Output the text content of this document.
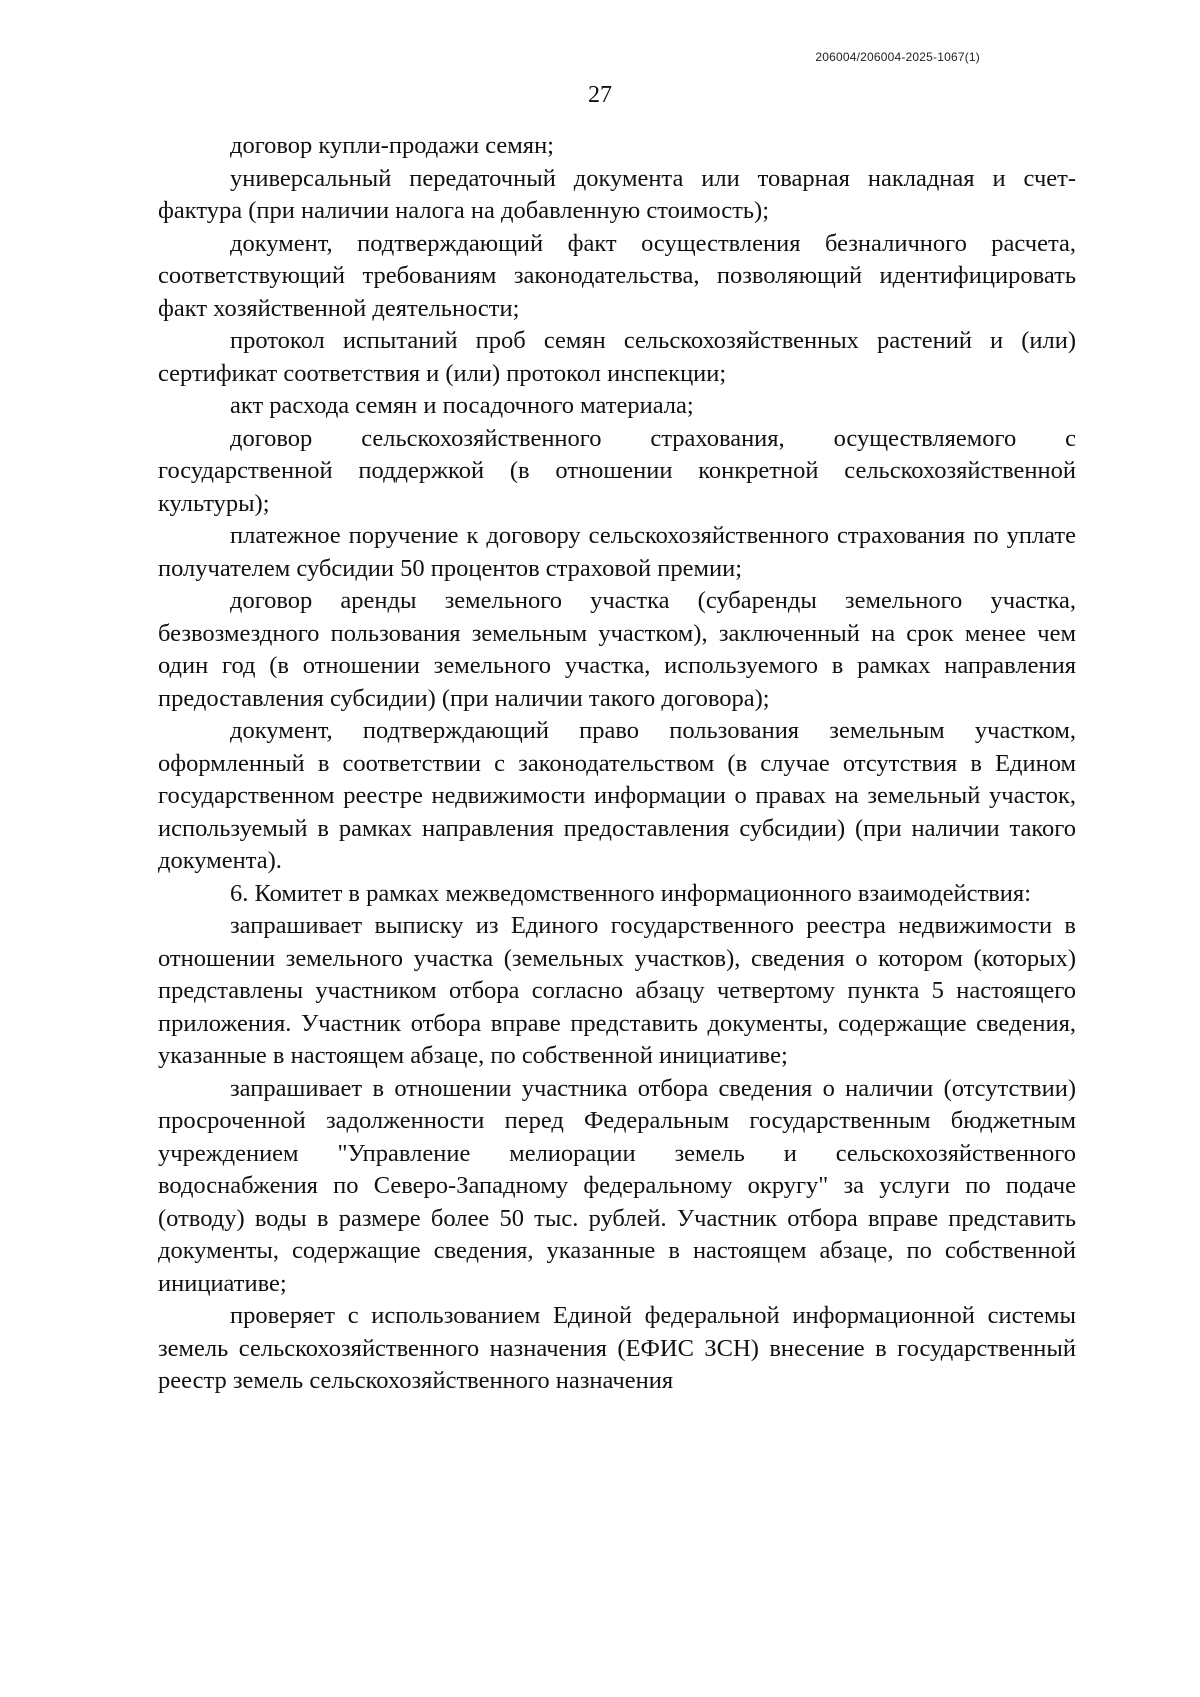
206004/206004-2025-1067(1)
27

договор купли-продажи семян;

универсальный передаточный документа или товарная накладная и счет-фактура (при наличии налога на добавленную стоимость);

документ, подтверждающий факт осуществления безналичного расчета, соответствующий требованиям законодательства, позволяющий идентифицировать факт хозяйственной деятельности;

протокол испытаний проб семян сельскохозяйственных растений и (или) сертификат соответствия и (или) протокол инспекции;

акт расхода семян и посадочного материала;

договор сельскохозяйственного страхования, осуществляемого с государственной поддержкой (в отношении конкретной сельскохозяйственной культуры);

платежное поручение к договору сельскохозяйственного страхования по уплате получателем субсидии 50 процентов страховой премии;

договор аренды земельного участка (субаренды земельного участка, безвозмездного пользования земельным участком), заключенный на срок менее чем один год (в отношении земельного участка, используемого в рамках направления предоставления субсидии) (при наличии такого договора);

документ, подтверждающий право пользования земельным участком, оформленный в соответствии с законодательством (в случае отсутствия в Едином государственном реестре недвижимости информации о правах на земельный участок, используемый в рамках направления предоставления субсидии) (при наличии такого документа).

6. Комитет в рамках межведомственного информационного взаимодействия:

запрашивает выписку из Единого государственного реестра недвижимости в отношении земельного участка (земельных участков), сведения о котором (которых) представлены участником отбора согласно абзацу четвертому пункта 5 настоящего приложения. Участник отбора вправе представить документы, содержащие сведения, указанные в настоящем абзаце, по собственной инициативе;

запрашивает в отношении участника отбора сведения о наличии (отсутствии) просроченной задолженности перед Федеральным государственным бюджетным учреждением "Управление мелиорации земель и сельскохозяйственного водоснабжения по Северо-Западному федеральному округу" за услуги по подаче (отводу) воды в размере более 50 тыс. рублей. Участник отбора вправе представить документы, содержащие сведения, указанные в настоящем абзаце, по собственной инициативе;

проверяет с использованием Единой федеральной информационной системы земель сельскохозяйственного назначения (ЕФИС ЗСН) внесение в государственный реестр земель сельскохозяйственного назначения
